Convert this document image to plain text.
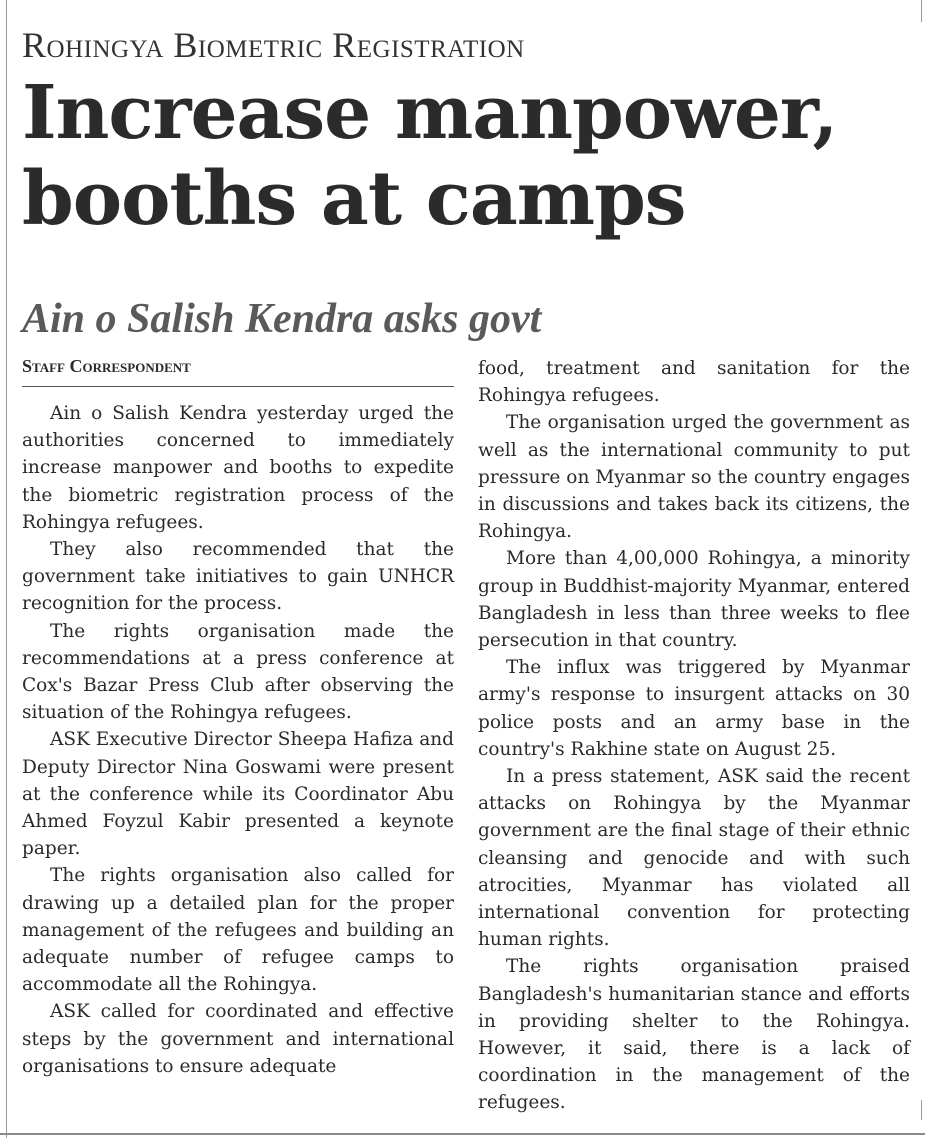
Rohingya Biometric Registration
Increase manpower, booths at camps
Ain o Salish Kendra asks govt
Staff Correspondent

Ain o Salish Kendra yesterday urged the authorities concerned to immediately increase manpower and booths to expedite the biometric registration process of the Rohingya refugees.

They also recommended that the government take initiatives to gain UNHCR recognition for the process.

The rights organisation made the recommendations at a press conference at Cox's Bazar Press Club after observing the situation of the Rohingya refugees.

ASK Executive Director Sheepa Hafiza and Deputy Director Nina Goswami were present at the conference while its Coordinator Abu Ahmed Foyzul Kabir presented a keynote paper.

The rights organisation also called for drawing up a detailed plan for the proper management of the refugees and building an adequate number of refugee camps to accommodate all the Rohingya.

ASK called for coordinated and effective steps by the government and international organisations to ensure adequate

food, treatment and sanitation for the Rohingya refugees.

The organisation urged the government as well as the international community to put pressure on Myanmar so the country engages in discussions and takes back its citizens, the Rohingya.

More than 4,00,000 Rohingya, a minority group in Buddhist-majority Myanmar, entered Bangladesh in less than three weeks to flee persecution in that country.

The influx was triggered by Myanmar army's response to insurgent attacks on 30 police posts and an army base in the country's Rakhine state on August 25.

In a press statement, ASK said the recent attacks on Rohingya by the Myanmar government are the final stage of their ethnic cleansing and genocide and with such atrocities, Myanmar has violated all international convention for protecting human rights.

The rights organisation praised Bangladesh's humanitarian stance and efforts in providing shelter to the Rohingya. However, it said, there is a lack of coordination in the management of the refugees.
